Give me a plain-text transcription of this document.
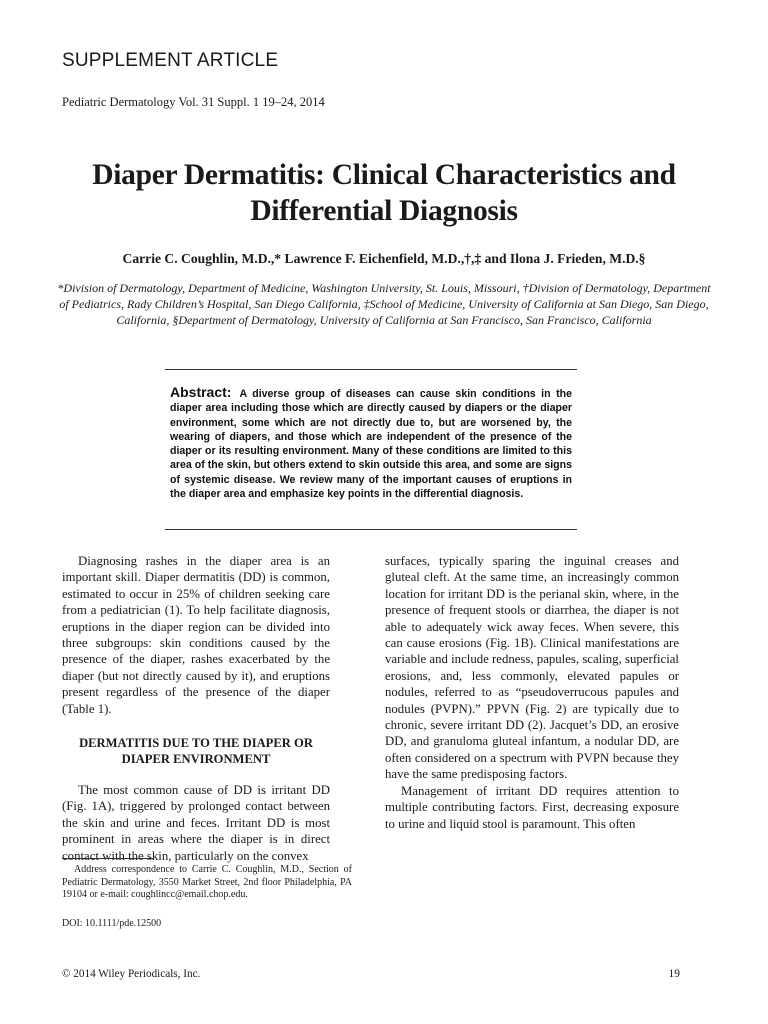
SUPPLEMENT ARTICLE
Pediatric Dermatology Vol. 31 Suppl. 1 19–24, 2014
Diaper Dermatitis: Clinical Characteristics and Differential Diagnosis
Carrie C. Coughlin, M.D.,* Lawrence F. Eichenfield, M.D.,†,‡ and Ilona J. Frieden, M.D.§
*Division of Dermatology, Department of Medicine, Washington University, St. Louis, Missouri, †Division of Dermatology, Department of Pediatrics, Rady Children’s Hospital, San Diego California, ‡School of Medicine, University of California at San Diego, San Diego, California, §Department of Dermatology, University of California at San Francisco, San Francisco, California
Abstract: A diverse group of diseases can cause skin conditions in the diaper area including those which are directly caused by diapers or the diaper environment, some which are not directly due to, but are worsened by, the wearing of diapers, and those which are independent of the presence of the diaper or its resulting environment. Many of these conditions are limited to this area of the skin, but others extend to skin outside this area, and some are signs of systemic disease. We review many of the important causes of eruptions in the diaper area and emphasize key points in the differential diagnosis.

Diagnosing rashes in the diaper area is an important skill. Diaper dermatitis (DD) is common, estimated to occur in 25% of children seeking care from a pediatrician (1). To help facilitate diagnosis, eruptions in the diaper region can be divided into three subgroups: skin conditions caused by the presence of the diaper, rashes exacerbated by the diaper (but not directly caused by it), and eruptions present regardless of the presence of the diaper (Table 1).

DERMATITIS DUE TO THE DIAPER OR DIAPER ENVIRONMENT

The most common cause of DD is irritant DD (Fig. 1A), triggered by prolonged contact between the skin and urine and feces. Irritant DD is most prominent in areas where the diaper is in direct contact with the skin, particularly on the convex

surfaces, typically sparing the inguinal creases and gluteal cleft. At the same time, an increasingly common location for irritant DD is the perianal skin, where, in the presence of frequent stools or diarrhea, the diaper is not able to adequately wick away feces. When severe, this can cause erosions (Fig. 1B). Clinical manifestations are variable and include redness, papules, scaling, superficial erosions, and, less commonly, elevated papules or nodules, referred to as “pseudoverrucous papules and nodules (PVPN).” PPVN (Fig. 2) are typically due to chronic, severe irritant DD (2). Jacquet’s DD, an erosive DD, and granuloma gluteal infantum, a nodular DD, are often considered on a spectrum with PVPN because they have the same predisposing factors.

Management of irritant DD requires attention to multiple contributing factors. First, decreasing exposure to urine and liquid stool is paramount. This often

Address correspondence to Carrie C. Coughlin, M.D., Section of Pediatric Dermatology, 3550 Market Street, 2nd floor Philadelphia, PA 19104 or e-mail: coughlincc@email.chop.edu.
DOI: 10.1111/pde.12500
© 2014 Wiley Periodicals, Inc.	19
